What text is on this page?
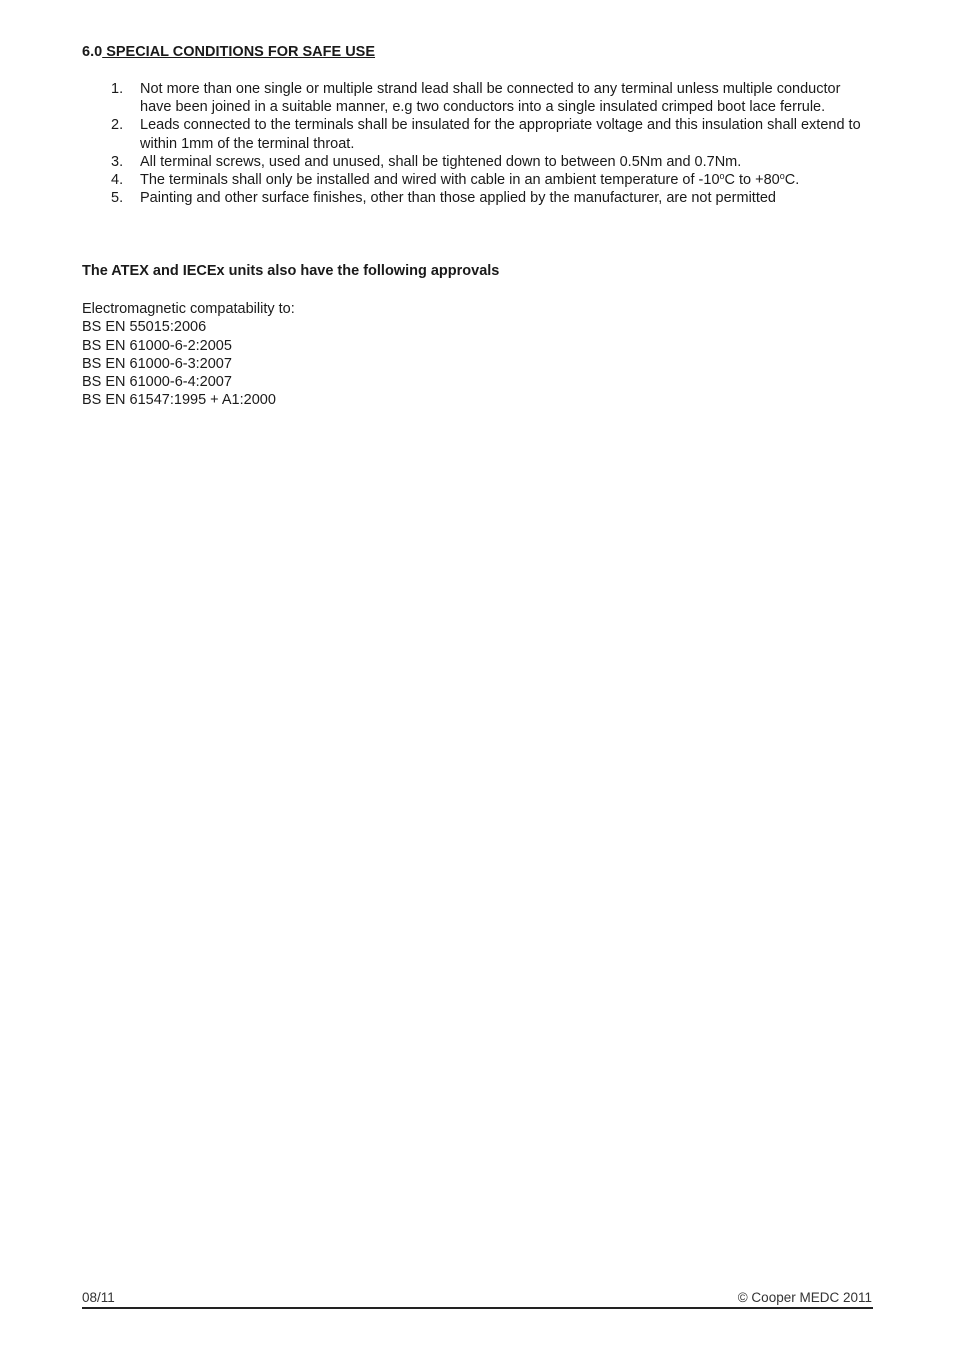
6.0 SPECIAL CONDITIONS FOR SAFE USE
1. Not more than one single or multiple strand lead shall be connected to any terminal unless multiple conductor have been joined in a suitable manner, e.g two conductors into a single insulated crimped boot lace ferrule.
2. Leads connected to the terminals shall be insulated for the appropriate voltage and this insulation shall extend to within 1mm of the terminal throat.
3. All terminal screws, used and unused, shall be tightened down to between 0.5Nm and 0.7Nm.
4. The terminals shall only be installed and wired with cable in an ambient temperature of -10$^o$C to $+80^oC$.
5. Painting and other surface finishes, other than those applied by the manufacturer, are not permitted
The ATEX and IECEx units also have the following approvals
Electromagnetic compatability to:
BS EN 55015:2006
BS EN 61000-6-2:2005
BS EN 61000-6-3:2007
BS EN 61000-6-4:2007
BS EN 61547:1995 + A1:2000
08/11	© Cooper MEDC 2011
